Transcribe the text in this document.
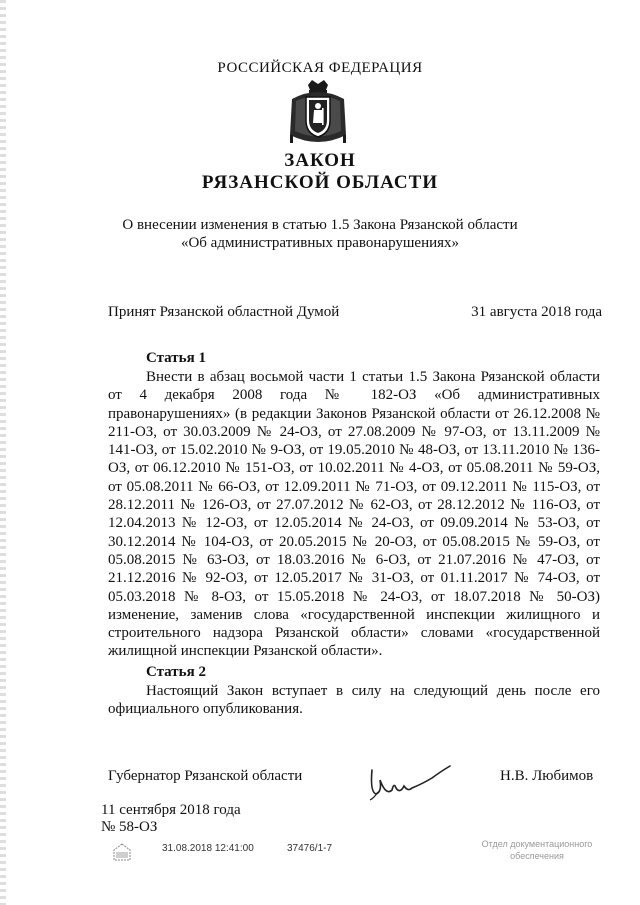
РОССИЙСКАЯ ФЕДЕРАЦИЯ
ЗАКОН
РЯЗАНСКОЙ ОБЛАСТИ
О внесении изменения в статью 1.5 Закона Рязанской области
«Об административных правонарушениях»
Принят Рязанской областной Думой	31 августа 2018 года
Статья 1

Внести в абзац восьмой части 1 статьи 1.5 Закона Рязанской области от 4 декабря 2008 года № 182-ОЗ «Об административных правонарушениях» (в редакции Законов Рязанской области от 26.12.2008 № 211-ОЗ, от 30.03.2009 № 24-ОЗ, от 27.08.2009 № 97-ОЗ, от 13.11.2009 № 141-ОЗ, от 15.02.2010 № 9-ОЗ, от 19.05.2010 № 48-ОЗ, от 13.11.2010 № 136-ОЗ, от 06.12.2010 № 151-ОЗ, от 10.02.2011 № 4-ОЗ, от 05.08.2011 № 59-ОЗ, от 05.08.2011 № 66-ОЗ, от 12.09.2011 № 71-ОЗ, от 09.12.2011 № 115-ОЗ, от 28.12.2011 № 126-ОЗ, от 27.07.2012 № 62-ОЗ, от 28.12.2012 № 116-ОЗ, от 12.04.2013 № 12-ОЗ, от 12.05.2014 № 24-ОЗ, от 09.09.2014 № 53-ОЗ, от 30.12.2014 № 104-ОЗ, от 20.05.2015 № 20-ОЗ, от 05.08.2015 № 59-ОЗ, от 05.08.2015 № 63-ОЗ, от 18.03.2016 № 6-ОЗ, от 21.07.2016 № 47-ОЗ, от 21.12.2016 № 92-ОЗ, от 12.05.2017 № 31-ОЗ, от 01.11.2017 № 74-ОЗ, от 05.03.2018 № 8-ОЗ, от 15.05.2018 № 24-ОЗ, от 18.07.2018 № 50-ОЗ) изменение, заменив слова «государственной инспекции жилищного и строительного надзора Рязанской области» словами «государственной жилищной инспекции Рязанской области».

Статья 2

Настоящий Закон вступает в силу на следующий день после его официального опубликования.

Губернатор Рязанской области	Н.В. Любимов
11 сентября 2018 года
№ 58-ОЗ
31.08.2018 12:41:00	37476/1-7	Отдел документационного
обеспечения
